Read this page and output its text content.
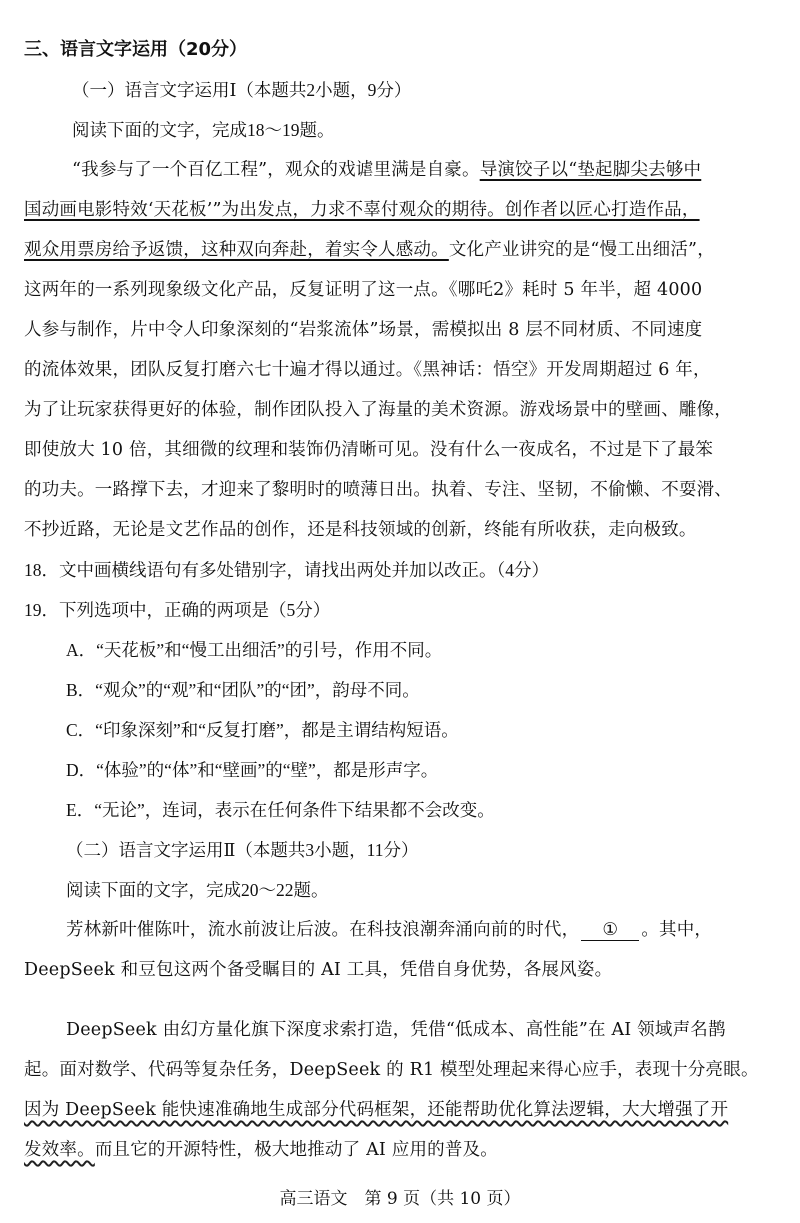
三、语言文字运用（20分）
（一）语言文字运用Ⅰ（本题共2小题，9分）
阅读下面的文字，完成18～19题。
“我参与了一个百亿工程”，观众的戏谑里满是自豪。导演饺子以“垫起脚尖去够中
国动画电影特效‘天花板’”为出发点，力求不辜付观众的期待。创作者以匠心打造作品，
观众用票房给予返馈，这种双向奔赴，着实令人感动。文化产业讲究的是“慢工出细活”，
这两年的一系列现象级文化产品，反复证明了这一点。《哪吒2》耗时 5 年半，超 4000
人参与制作，片中令人印象深刻的“岩浆流体”场景，需模拟出 8 层不同材质、不同速度
的流体效果，团队反复打磨六七十遍才得以通过。《黑神话：悟空》开发周期超过 6 年，
为了让玩家获得更好的体验，制作团队投入了海量的美术资源。游戏场景中的壁画、雕像，
即使放大 10 倍，其细微的纹理和装饰仍清晰可见。没有什么一夜成名，不过是下了最笨
的功夫。一路撑下去，才迎来了黎明时的喷薄日出。执着、专注、坚韧，不偷懒、不耍滑、
不抄近路，无论是文艺作品的创作，还是科技领域的创新，终能有所收获，走向极致。
18．文中画横线语句有多处错别字，请找出两处并加以改正。（4分）
19．下列选项中，正确的两项是（5分）
A．“天花板”和“慢工出细活”的引号，作用不同。
B．“观众”的“观”和“团队”的“团”，韵母不同。
C．“印象深刻”和“反复打磨”，都是主谓结构短语。
D．“体验”的“体”和“壁画”的“壁”，都是形声字。
E．“无论”，连词，表示在任何条件下结果都不会改变。
（二）语言文字运用Ⅱ（本题共3小题，11分）
阅读下面的文字，完成20～22题。
芳林新叶催陈叶，流水前波让后波。在科技浪潮奔涌向前的时代， ① 。其中，
DeepSeek 和豆包这两个备受瞩目的 AI 工具，凭借自身优势，各展风姿。
DeepSeek 由幻方量化旗下深度求索打造，凭借“低成本、高性能”在 AI 领域声名鹊
起。面对数学、代码等复杂任务，DeepSeek 的 R1 模型处理起来得心应手，表现十分亮眼。
因为 DeepSeek 能快速准确地生成部分代码框架，还能帮助优化算法逻辑，大大增强了开
发效率。而且它的开源特性，极大地推动了 AI 应用的普及。
高三语文　第 9 页（共 10 页）
